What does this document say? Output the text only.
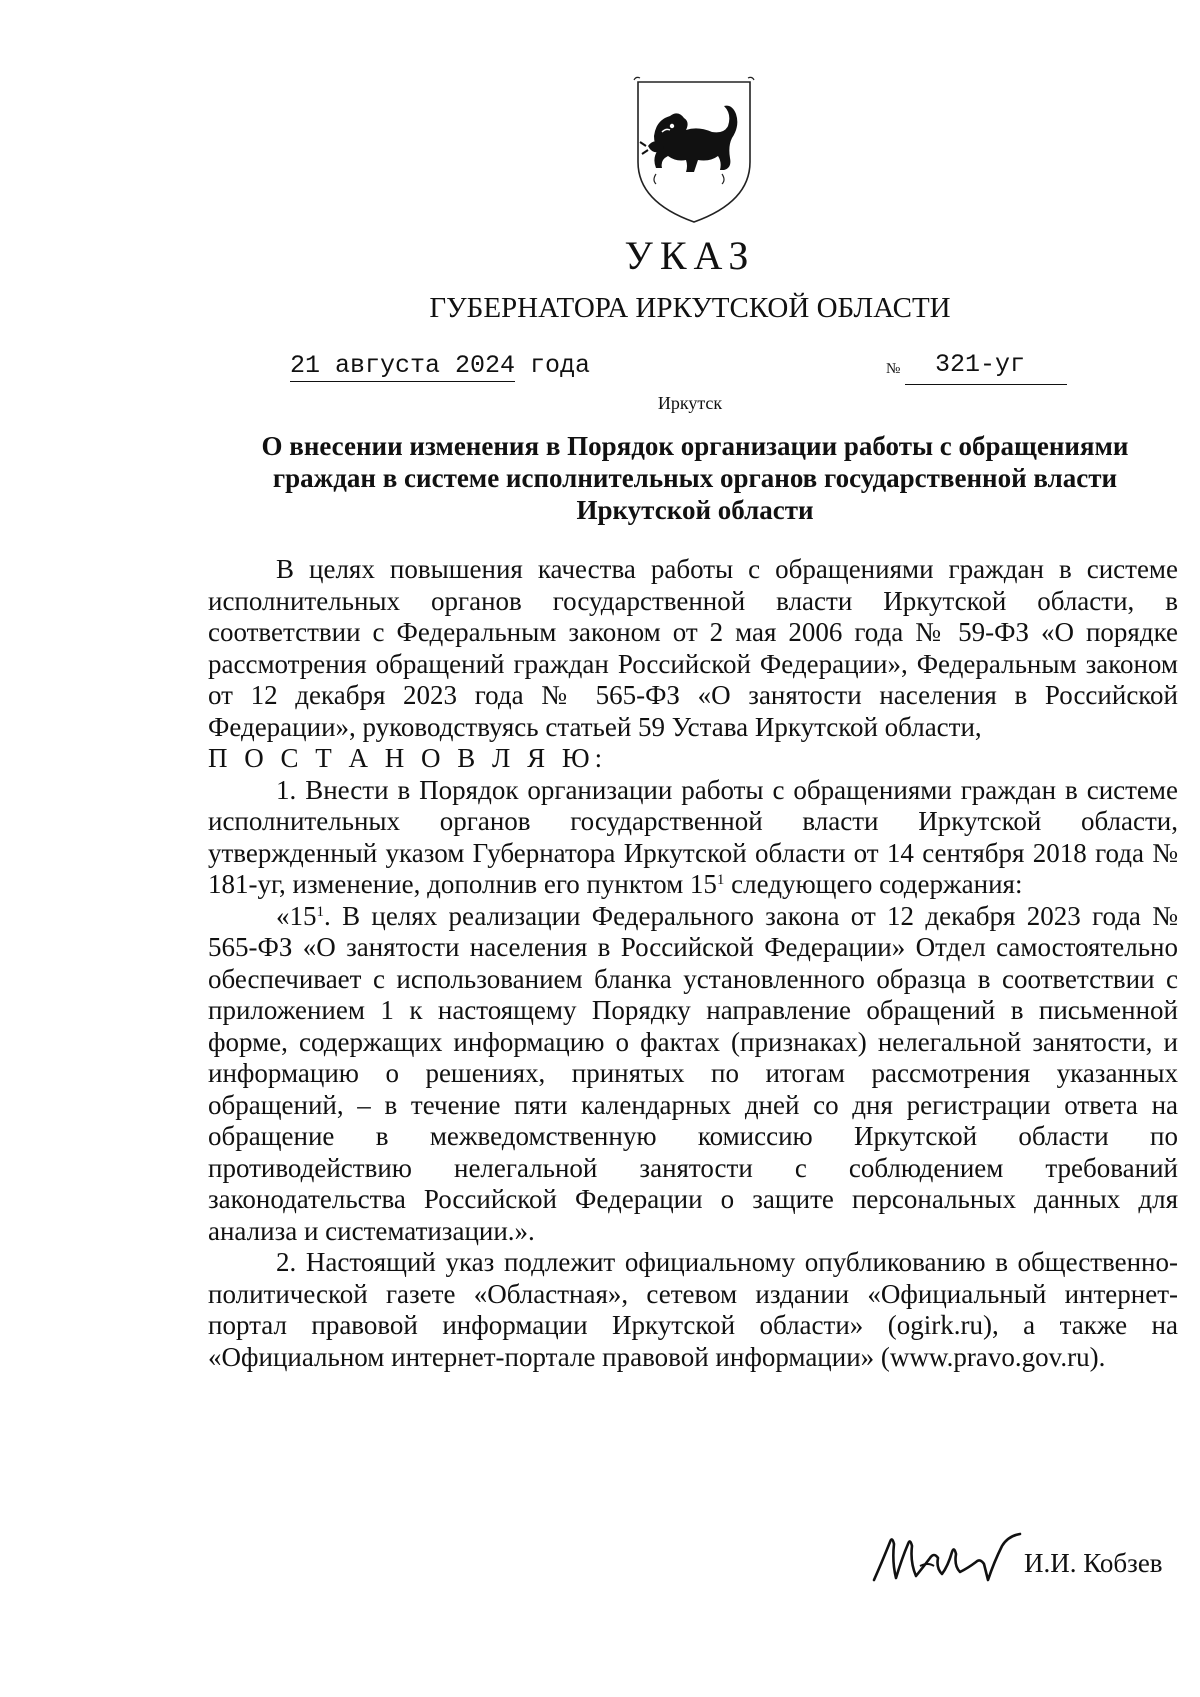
УКАЗ
ГУБЕРНАТОРА ИРКУТСКОЙ ОБЛАСТИ
21 августа 2024 года	№	321-уг
Иркутск
О внесении изменения в Порядок организации работы с обращениями граждан в системе исполнительных органов государственной власти Иркутской области

В целях повышения качества работы с обращениями граждан в системе исполнительных органов государственной власти Иркутской области, в соответствии с Федеральным законом от 2 мая 2006 года № 59-ФЗ «О порядке рассмотрения обращений граждан Российской Федерации», Федеральным законом от 12 декабря 2023 года № 565-ФЗ «О занятости населения в Российской Федерации», руководствуясь статьей 59 Устава Иркутской области,

П О С Т А Н О В Л Я Ю:

1. Внести в Порядок организации работы с обращениями граждан в системе исполнительных органов государственной власти Иркутской области, утвержденный указом Губернатора Иркутской области от 14 сентября 2018 года № 181-уг, изменение, дополнив его пунктом $15^1$ следующего содержания:

«$15^1$. В целях реализации Федерального закона от 12 декабря 2023 года № 565-ФЗ «О занятости населения в Российской Федерации» Отдел самостоятельно обеспечивает с использованием бланка установленного образца в соответствии с приложением 1 к настоящему Порядку направление обращений в письменной форме, содержащих информацию о фактах (признаках) нелегальной занятости, и информацию о решениях, принятых по итогам рассмотрения указанных обращений, – в течение пяти календарных дней со дня регистрации ответа на обращение в межведомственную комиссию Иркутской области по противодействию нелегальной занятости с соблюдением требований законодательства Российской Федерации о защите персональных данных для анализа и систематизации.».

2. Настоящий указ подлежит официальному опубликованию в общественно-политической газете «Областная», сетевом издании «Официальный интернет-портал правовой информации Иркутской области» (ogirk.ru), а также на «Официальном интернет-портале правовой информации» (www.pravo.gov.ru).

И.И. Кобзев
